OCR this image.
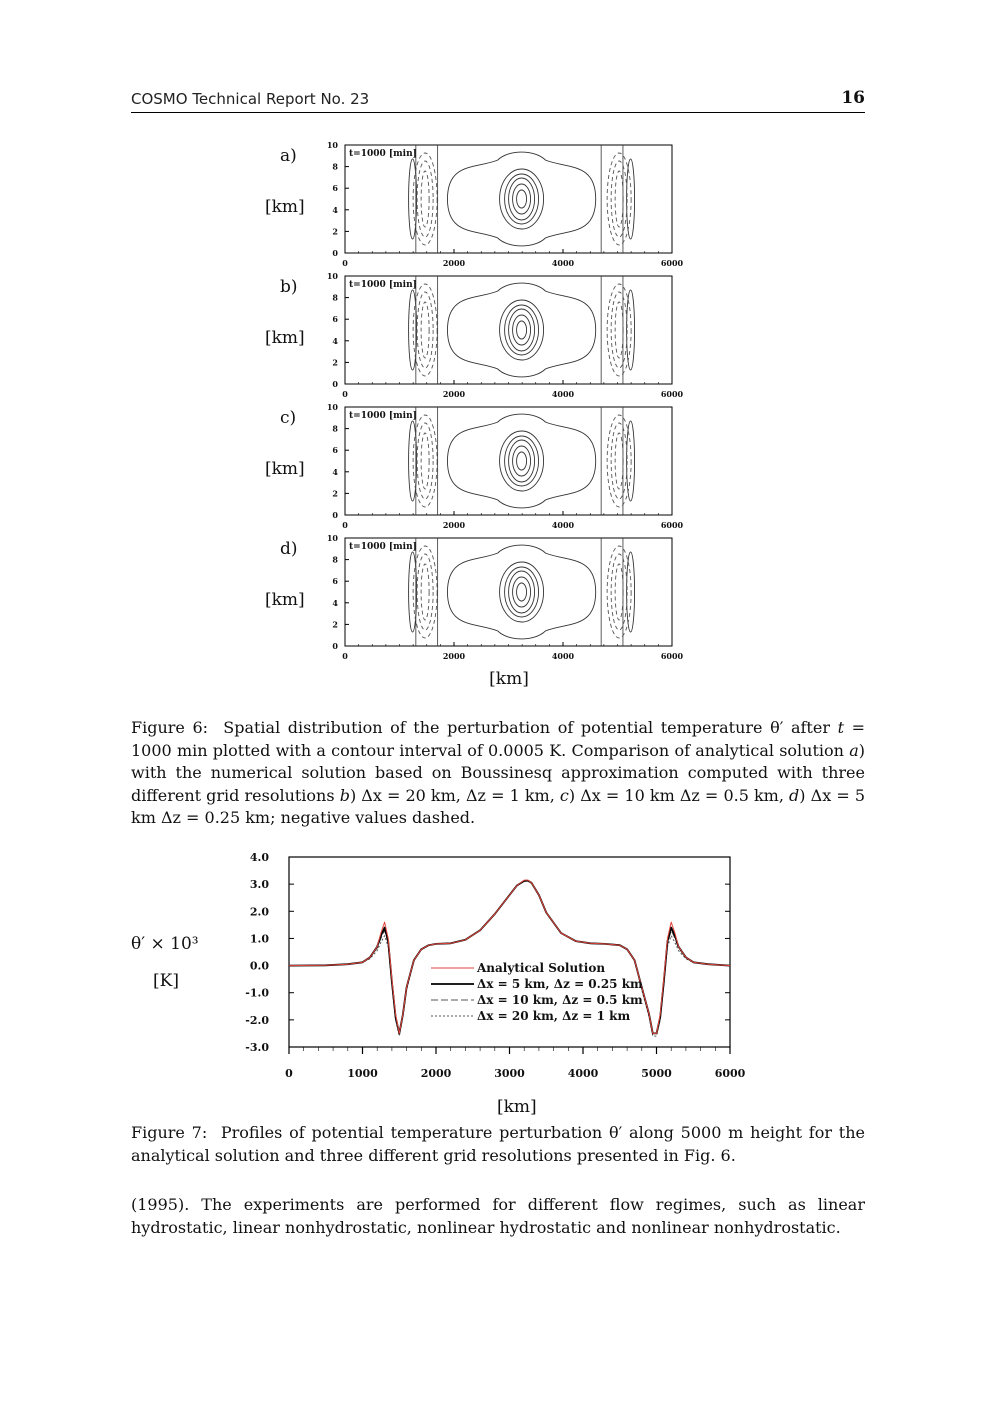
COSMO Technical Report No. 23	16
a)
[km]
t=1000 [min]
0
2
4
6
8
10
0	2000	4000	6000
b)
[km]
t=1000 [min]
0
2
4
6
8
10
0	2000	4000	6000
c)
[km]
t=1000 [min]
0
2
4
6
8
10
0	2000	4000	6000
d)
[km]
t=1000 [min]
0
2
4
6
8
10
0	2000	4000	6000
[km]
Figure 6: Spatial distribution of the perturbation of potential temperature θ′ after t = 1000 min plotted with a contour interval of 0.0005 K. Comparison of analytical solution a) with the numerical solution based on Boussinesq approximation computed with three different grid resolutions b) Δx = 20 km, Δz = 1 km, c) Δx = 10 km Δz = 0.5 km, d) Δx = 5 km Δz = 0.25 km; negative values dashed.
θ′ × 10³
[K]
4.0
3.0
2.0
1.0
0.0
-1.0
-2.0
-3.0
0	1000	2000	3000	4000	5000	6000
Analytical Solution
Δx = 5 km, Δz = 0.25 km
Δx = 10 km, Δz = 0.5 km
Δx = 20 km, Δz = 1 km
[km]
Figure 7: Profiles of potential temperature perturbation θ′ along 5000 m height for the analytical solution and three different grid resolutions presented in Fig. 6.
(1995). The experiments are performed for different flow regimes, such as linear hydrostatic, linear nonhydrostatic, nonlinear hydrostatic and nonlinear nonhydrostatic.
